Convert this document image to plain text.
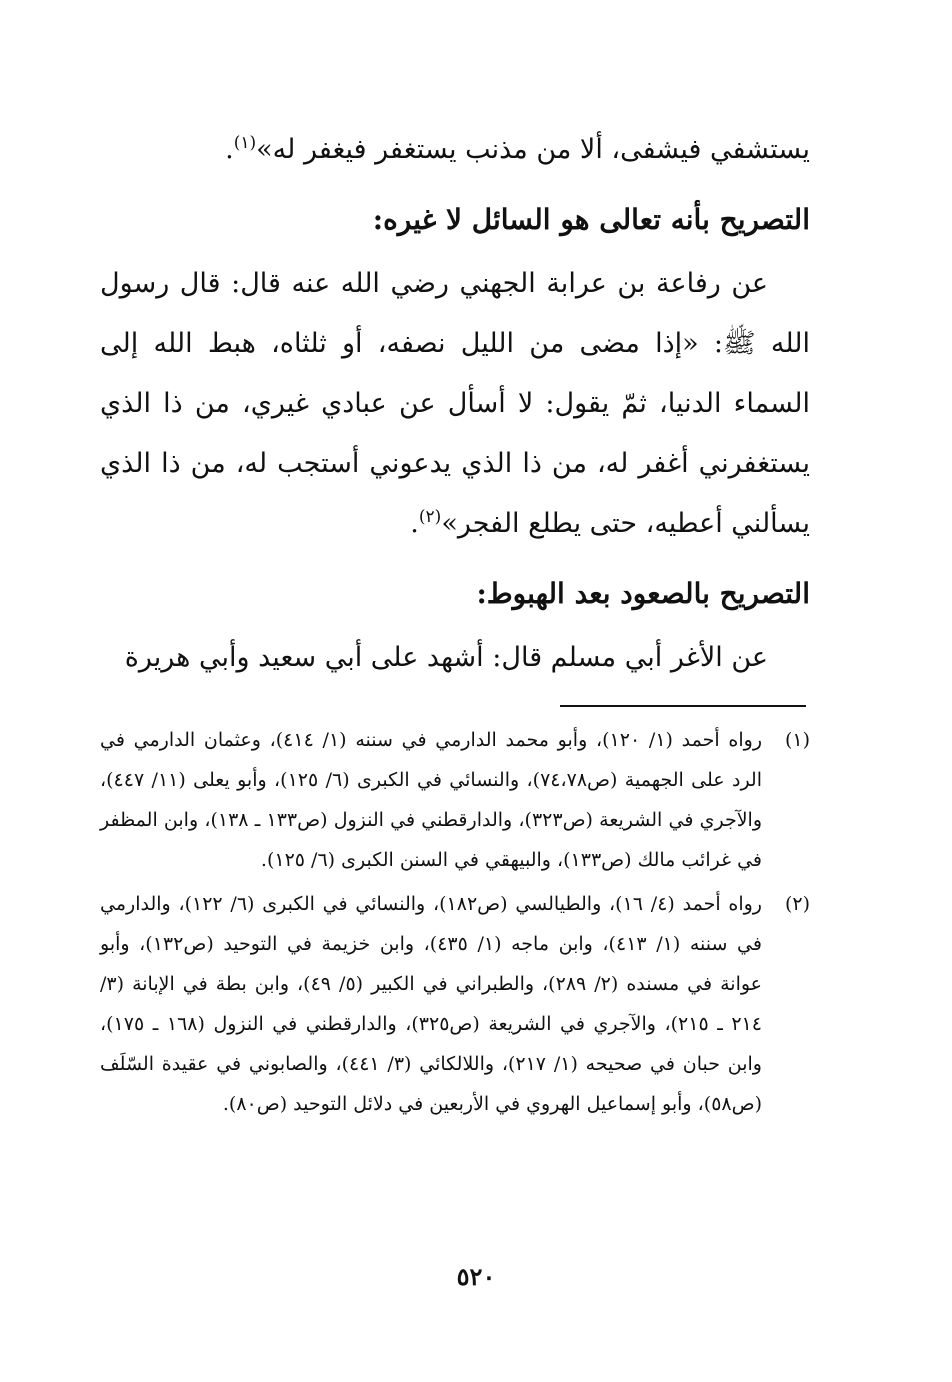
يستشفي فيشفى، ألا من مذنب يستغفر فيغفر له»$^{(١)}$.

التصريح بأنه تعالى هو السائل لا غيره:

عن رفاعة بن عرابة الجهني رضي الله عنه قال: قال رسول الله ﷺ: «إذا مضى من الليل نصفه، أو ثلثاه، هبط الله إلى السماء الدنيا، ثمّ يقول: لا أسأل عن عبادي غيري، من ذا الذي يستغفرني أغفر له، من ذا الذي يدعوني أستجب له، من ذا الذي يسألني أعطيه، حتى يطلع الفجر»$^{(٢)}$.

التصريح بالصعود بعد الهبوط:

عن الأغر أبي مسلم قال: أشهد على أبي سعيد وأبي هريرة

(١)
رواه أحمد (١/ ١٢٠)، وأبو محمد الدارمي في سننه (١/ ٤١٤)، وعثمان الدارمي في الرد على الجهمية (ص٧٤،٧٨)، والنسائي في الكبرى (٦/ ١٢٥)، وأبو يعلى (١١/ ٤٤٧)، والآجري في الشريعة (ص٣٢٣)، والدارقطني في النزول (ص١٣٣ ـ ١٣٨)، وابن المظفر في غرائب مالك (ص١٣٣)، والبيهقي في السنن الكبرى (٦/ ١٢٥).
(٢)
رواه أحمد (٤/ ١٦)، والطيالسي (ص١٨٢)، والنسائي في الكبرى (٦/ ١٢٢)، والدارمي في سننه (١/ ٤١٣)، وابن ماجه (١/ ٤٣٥)، وابن خزيمة في التوحيد (ص١٣٢)، وأبو عوانة في مسنده (٢/ ٢٨٩)، والطبراني في الكبير (٥/ ٤٩)، وابن بطة في الإبانة (٣/ ٢١٤ ـ ٢١٥)، والآجري في الشريعة (ص٣٢٥)، والدارقطني في النزول (١٦٨ ـ ١٧٥)، وابن حبان في صحيحه (١/ ٢١٧)، واللالكائي (٣/ ٤٤١)، والصابوني في عقيدة السّلَف (ص٥٨)، وأبو إسماعيل الهروي في الأربعين في دلائل التوحيد (ص٨٠).
٥٢٠
